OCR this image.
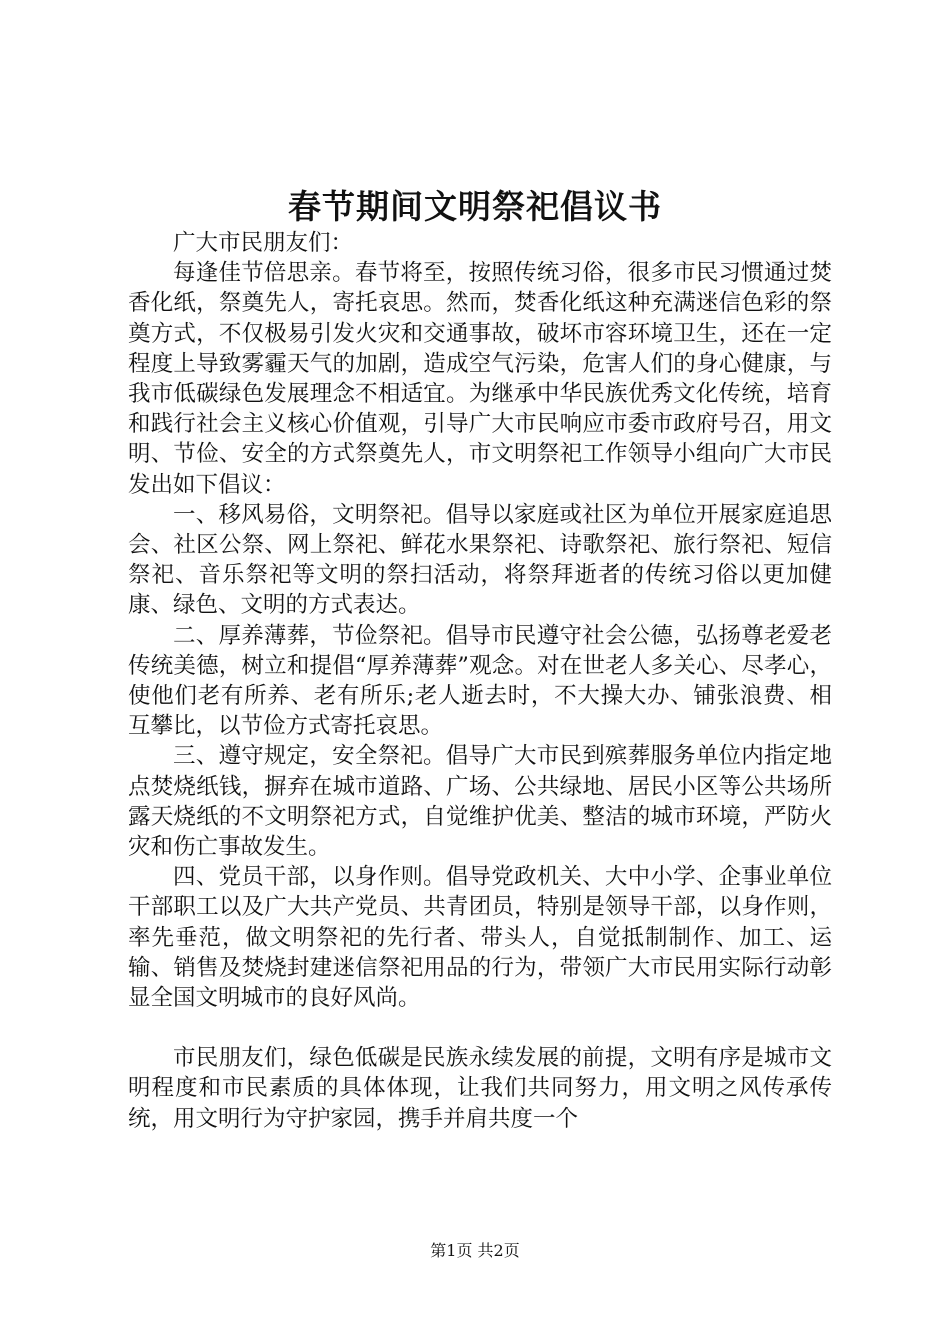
春节期间文明祭祀倡议书

广大市民朋友们：

每逢佳节倍思亲。春节将至，按照传统习俗，很多市民习惯通过焚香化纸，祭奠先人，寄托哀思。然而，焚香化纸这种充满迷信色彩的祭奠方式，不仅极易引发火灾和交通事故，破坏市容环境卫生，还在一定程度上导致雾霾天气的加剧，造成空气污染，危害人们的身心健康，与我市低碳绿色发展理念不相适宜。为继承中华民族优秀文化传统，培育和践行社会主义核心价值观，引导广大市民响应市委市政府号召，用文明、节俭、安全的方式祭奠先人，市文明祭祀工作领导小组向广大市民发出如下倡议：

一、移风易俗，文明祭祀。倡导以家庭或社区为单位开展家庭追思会、社区公祭、网上祭祀、鲜花水果祭祀、诗歌祭祀、旅行祭祀、短信祭祀、音乐祭祀等文明的祭扫活动，将祭拜逝者的传统习俗以更加健康、绿色、文明的方式表达。

二、厚养薄葬，节俭祭祀。倡导市民遵守社会公德，弘扬尊老爱老传统美德，树立和提倡“厚养薄葬”观念。对在世老人多关心、尽孝心，使他们老有所养、老有所乐;老人逝去时，不大操大办、铺张浪费、相互攀比，以节俭方式寄托哀思。

三、遵守规定，安全祭祀。倡导广大市民到殡葬服务单位内指定地点焚烧纸钱，摒弃在城市道路、广场、公共绿地、居民小区等公共场所露天烧纸的不文明祭祀方式，自觉维护优美、整洁的城市环境，严防火灾和伤亡事故发生。

四、党员干部，以身作则。倡导党政机关、大中小学、企事业单位干部职工以及广大共产党员、共青团员，特别是领导干部，以身作则，率先垂范，做文明祭祀的先行者、带头人，自觉抵制制作、加工、运输、销售及焚烧封建迷信祭祀用品的行为，带领广大市民用实际行动彰显全国文明城市的良好风尚。

市民朋友们，绿色低碳是民族永续发展的前提，文明有序是城市文明程度和市民素质的具体体现，让我们共同努力，用文明之风传承传统，用文明行为守护家园，携手并肩共度一个

第1页 共2页
